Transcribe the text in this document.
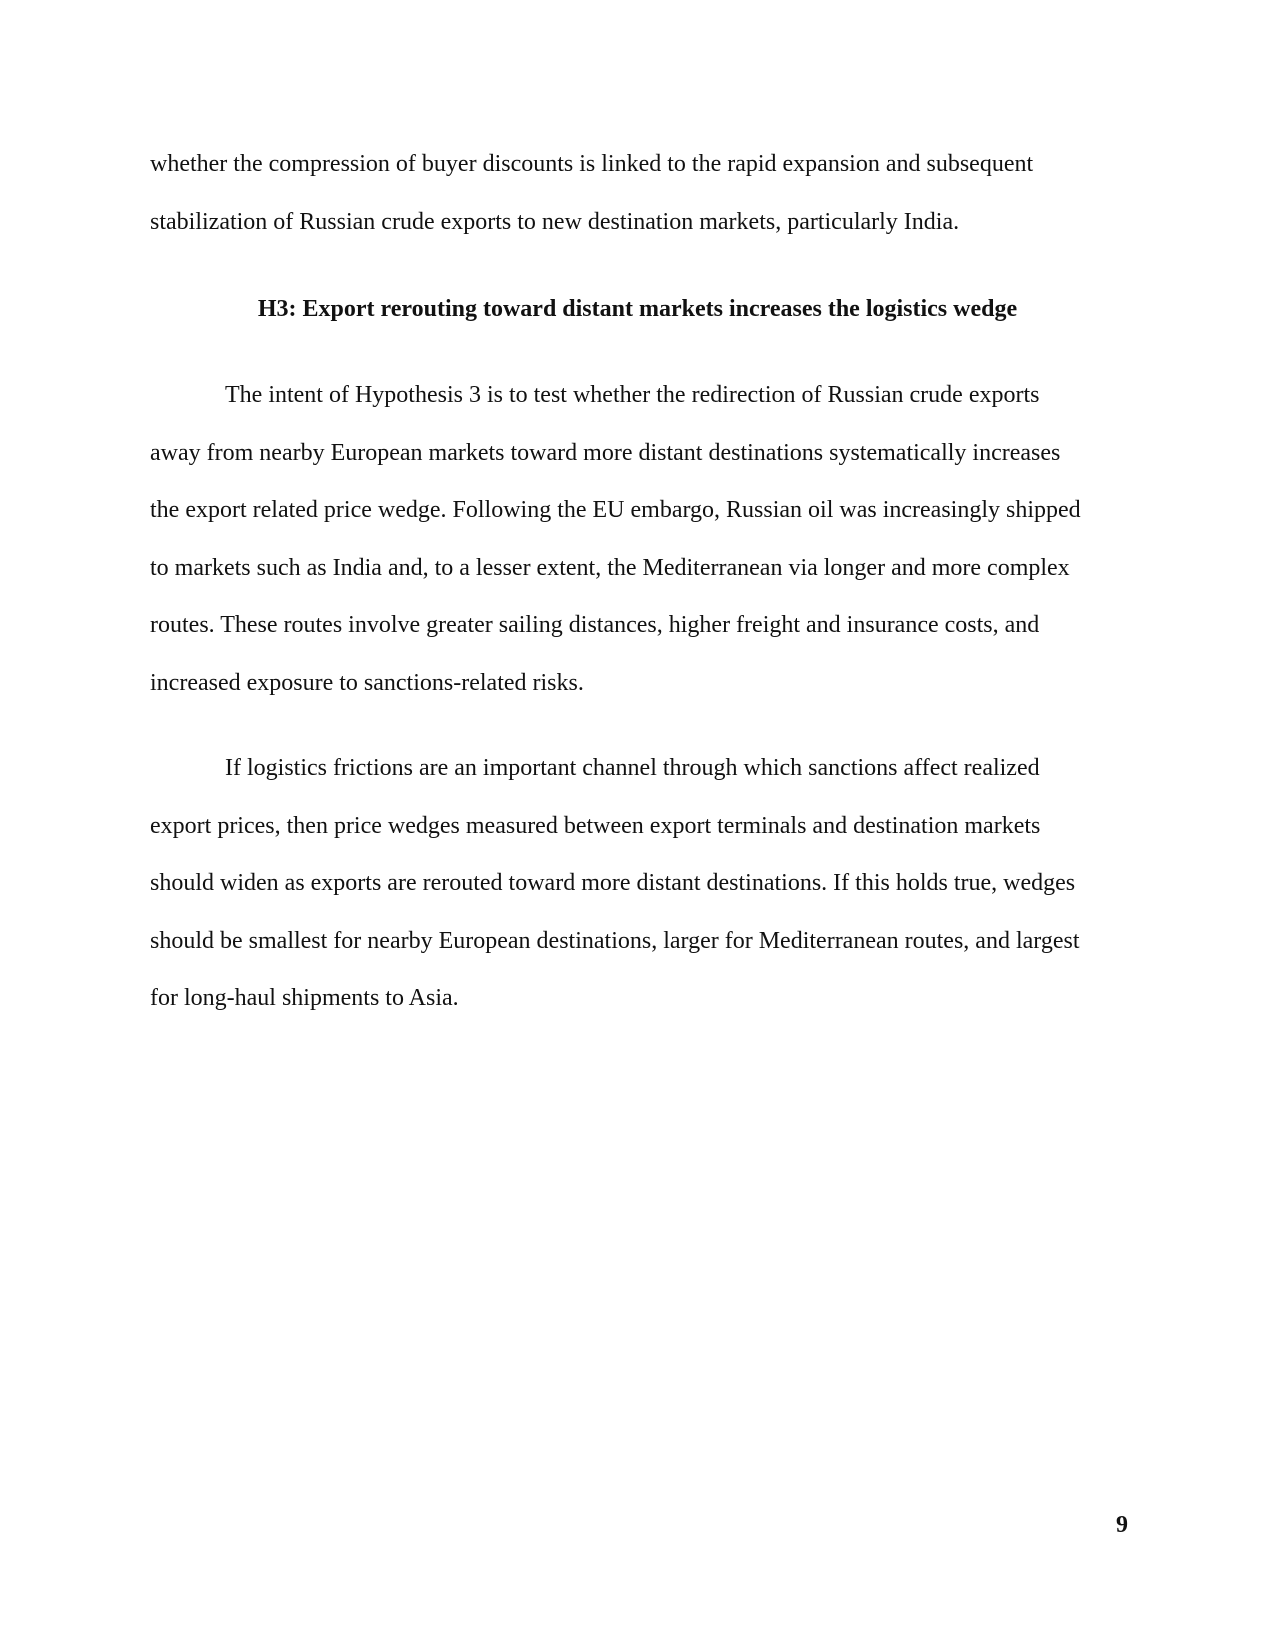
whether the compression of buyer discounts is linked to the rapid expansion and subsequent
stabilization of Russian crude exports to new destination markets, particularly India.

H3: Export rerouting toward distant markets increases the logistics wedge

The intent of Hypothesis 3 is to test whether the redirection of Russian crude exports
away from nearby European markets toward more distant destinations systematically increases
the export related price wedge. Following the EU embargo, Russian oil was increasingly shipped
to markets such as India and, to a lesser extent, the Mediterranean via longer and more complex
routes. These routes involve greater sailing distances, higher freight and insurance costs, and
increased exposure to sanctions-related risks.

If logistics frictions are an important channel through which sanctions affect realized
export prices, then price wedges measured between export terminals and destination markets
should widen as exports are rerouted toward more distant destinations. If this holds true, wedges
should be smallest for nearby European destinations, larger for Mediterranean routes, and largest
for long-haul shipments to Asia.

9
